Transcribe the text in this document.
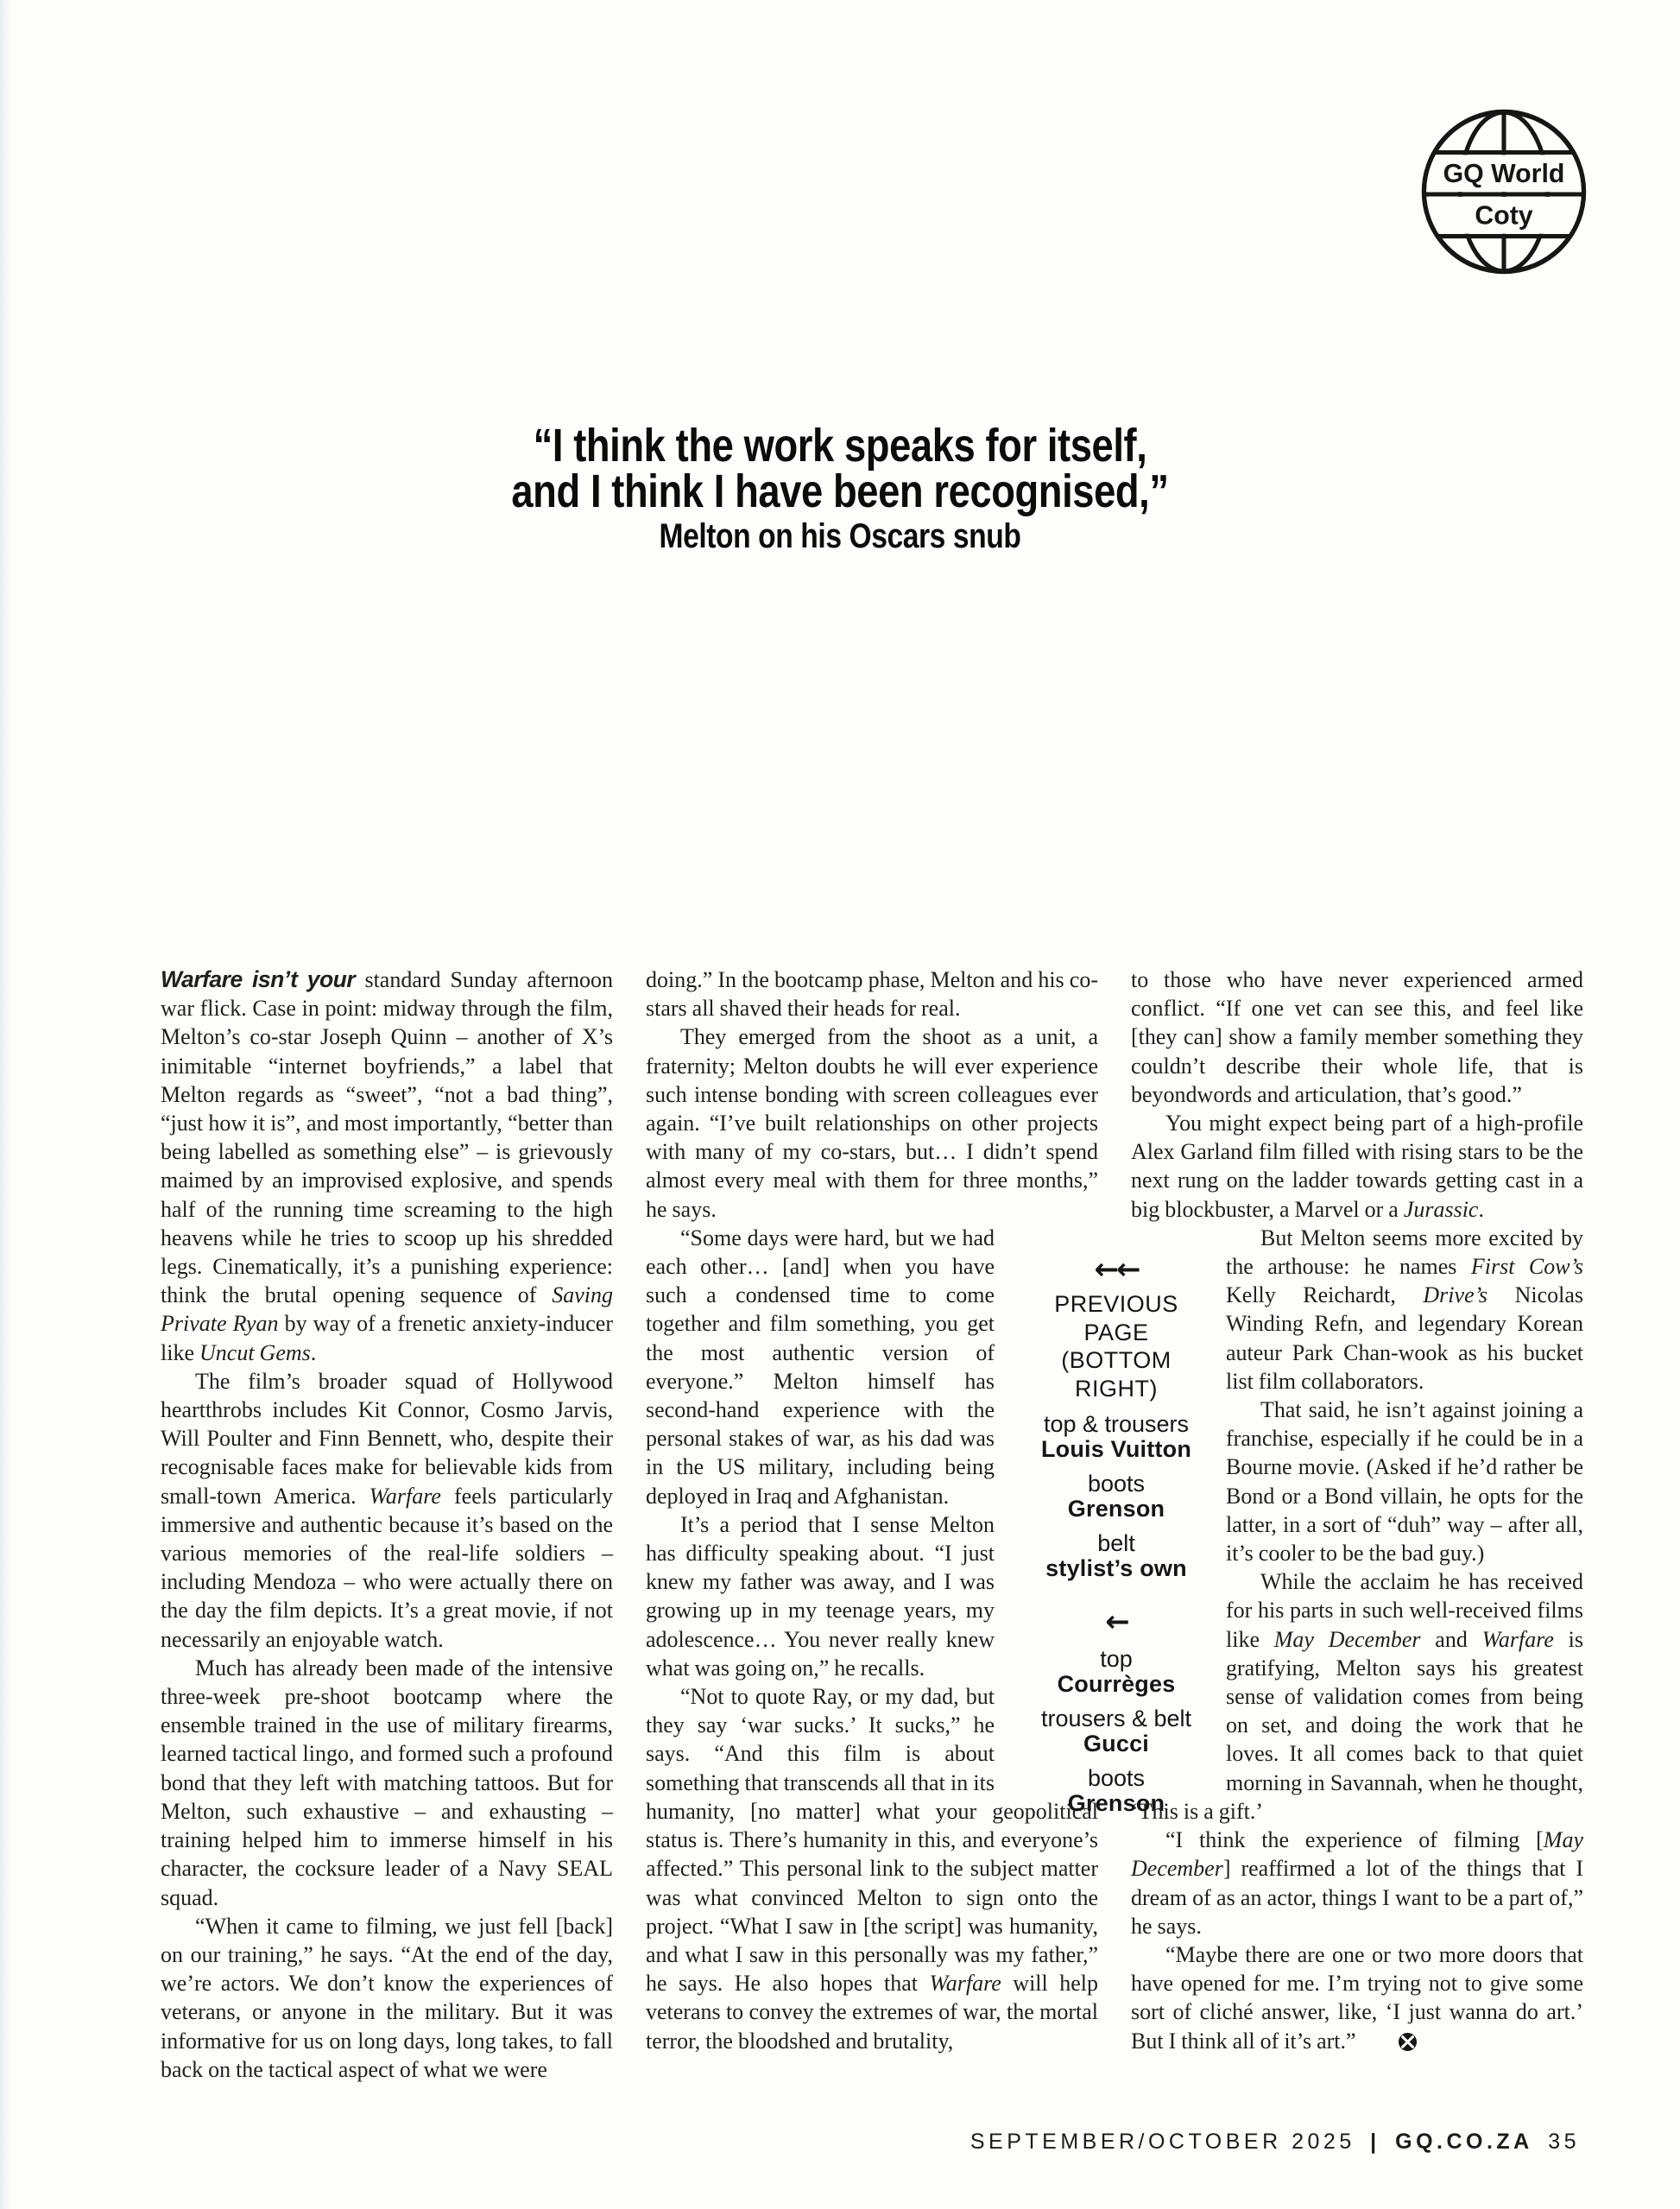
GQ World
Coty
“I think the work speaks for itself,
and I think I have been recognised,”
Melton on his Oscars snub

Warfare isn’t your standard Sunday afternoon war flick. Case in point: midway through the film, Melton’s co-star Joseph Quinn – another of X’s inimitable “internet boyfriends,” a label that Melton regards as “sweet”, “not a bad thing”, “just how it is”, and most importantly, “better than being labelled as something else” – is grievously maimed by an improvised explosive, and spends half of the running time screaming to the high heavens while he tries to scoop up his shredded legs. Cinematically, it’s a punishing experience: think the brutal opening sequence of Saving Private Ryan by way of a frenetic anxiety-inducer like Uncut Gems.

The film’s broader squad of Hollywood heartthrobs includes Kit Connor, Cosmo Jarvis, Will Poulter and Finn Bennett, who, despite their recognisable faces make for believable kids from small-town America. Warfare feels particularly immersive and authentic because it’s based on the various memories of the real-life soldiers – including Mendoza – who were actually there on the day the film depicts. It’s a great movie, if not necessarily an enjoyable watch.

Much has already been made of the intensive three-week pre-shoot bootcamp where the ensemble trained in the use of military firearms, learned tactical lingo, and formed such a profound bond that they left with matching tattoos. But for Melton, such exhaustive – and exhausting – training helped him to immerse himself in his character, the cocksure leader of a Navy SEAL squad.

“When it came to filming, we just fell [back] on our training,” he says. “At the end of the day, we’re actors. We don’t know the experiences of veterans, or anyone in the military. But it was informative for us on long days, long takes, to fall back on the tactical aspect of what we were

doing.” In the bootcamp phase, Melton and his co-stars all shaved their heads for real.

They emerged from the shoot as a unit, a fraternity; Melton doubts he will ever experience such intense bonding with screen colleagues ever again. “I’ve built relationships on other projects with many of my co-stars, but… I didn’t spend almost every meal with them for three months,” he says.

“Some days were hard, but we had each other… [and] when you have such a condensed time to come together and film something, you get the most authentic version of everyone.” Melton himself has second-hand experience with the personal stakes of war, as his dad was in the US military, including being deployed in Iraq and Afghanistan.

It’s a period that I sense Melton has difficulty speaking about. “I just knew my father was away, and I was growing up in my teenage years, my adolescence… You never really knew what was going on,” he recalls.

“Not to quote Ray, or my dad, but they say ‘war sucks.’ It sucks,” he says. “And this film is about something that transcends all that in its humanity, [no matter] what your geopolitical status is. There’s humanity in this, and everyone’s affected.” This personal link to the subject matter was what convinced Melton to sign onto the project. “What I saw in [the script] was humanity, and what I saw in this personally was my father,” he says. He also hopes that Warfare will help veterans to convey the extremes of war, the mortal terror, the bloodshed and brutality,

to those who have never experienced armed conflict. “If one vet can see this, and feel like [they can] show a family member something they couldn’t describe their whole life, that is beyondwords and articulation, that’s good.”

You might expect being part of a high-profile Alex Garland film filled with rising stars to be the next rung on the ladder towards getting cast in a big blockbuster, a Marvel or a Jurassic.

But Melton seems more excited by the arthouse: he names First Cow’s Kelly Reichardt, Drive’s Nicolas Winding Refn, and legendary Korean auteur Park Chan-wook as his bucket list film collaborators.

That said, he isn’t against joining a franchise, especially if he could be in a Bourne movie. (Asked if he’d rather be Bond or a Bond villain, he opts for the latter, in a sort of “duh” way – after all, it’s cooler to be the bad guy.)

While the acclaim he has received for his parts in such well-received films like May December and Warfare is gratifying, Melton says his greatest sense of validation comes from being on set, and doing the work that he loves. It all comes back to that quiet morning in Savannah, when he thought, ‘This is a gift.’

“I think the experience of filming [May December] reaffirmed a lot of the things that I dream of as an actor, things I want to be a part of,” he says.

“Maybe there are one or two more doors that have opened for me. I’m trying not to give some sort of cliché answer, like, ‘I just wanna do art.’ But I think all of it’s art.”

←←
PREVIOUS
PAGE
(BOTTOM
RIGHT)
top & trousers
Louis Vuitton
boots
Grenson
belt
stylist’s own
←
top
Courrèges
trousers & belt
Gucci
boots
Grenson
SEPTEMBER/OCTOBER 2025 | GQ.CO.ZA 35
